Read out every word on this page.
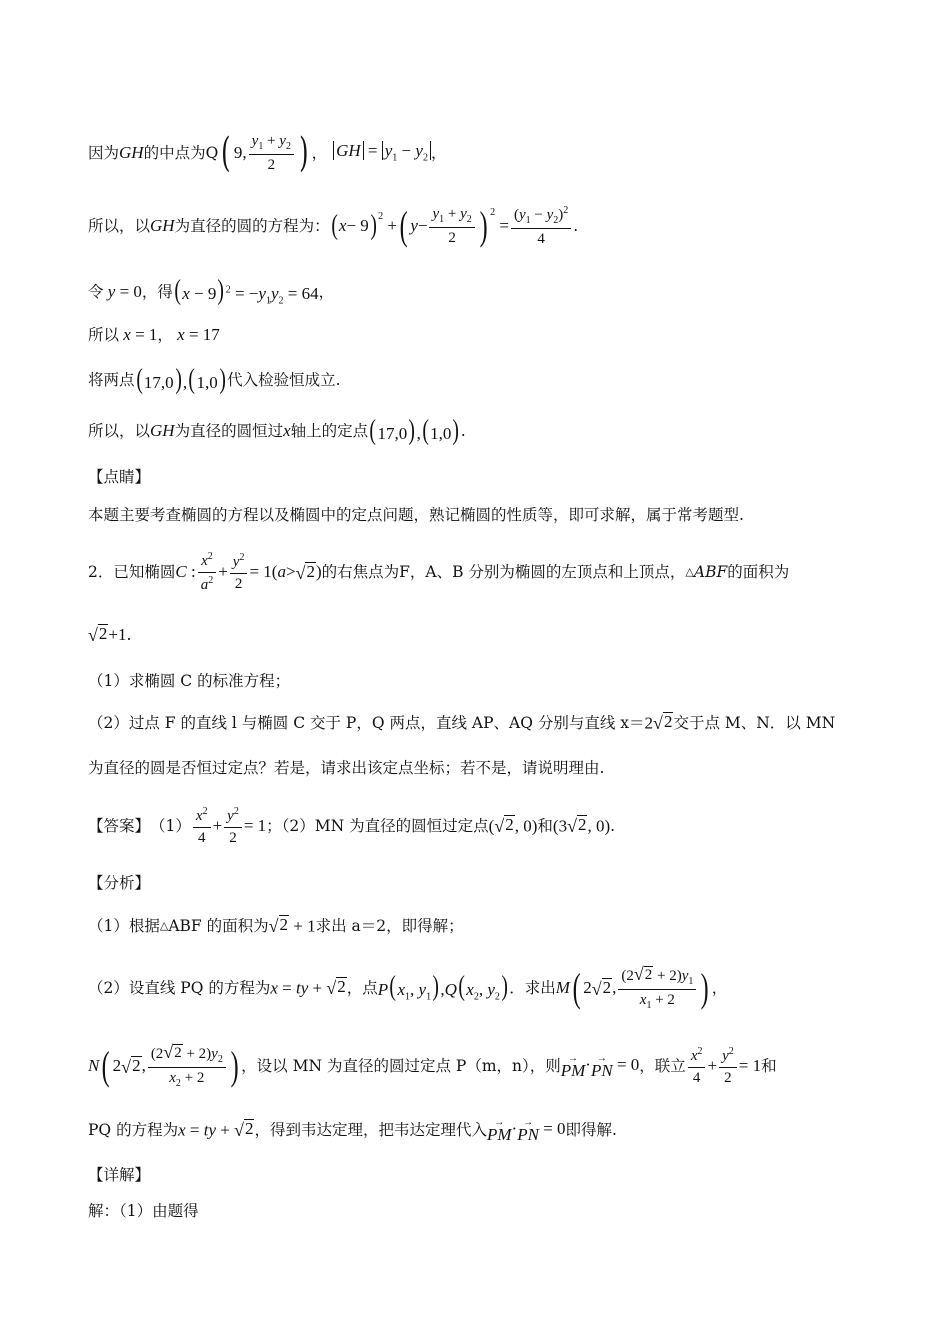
因为 GH 的中点为Q ( 9, $\frac{y_1 + y_2}{2}$ ) ， GH = $y_1 - y_2$ ，
所以，以 GH 为直径的圆的方程为： ( x − 9 )$^2$ + ( $y - \frac{y_1 + y_2}{2}$ ) $^2$
= $\frac{(y_1 - y_2)^2}{4}$ .
令 y = 0 ，得 $(x - 9)^2 = -y_1y_2 = 64$ ，
所以 x = 1 ， x = 17
将两点 (17,0),(1,0) 代入检验恒成立.
所以，以 GH 为直径的圆恒过 x 轴上的定点 (17,0),(1,0) .
【点睛】
本题主要考查椭圆的方程以及椭圆中的定点问题，熟记椭圆的性质等，即可求解，属于常考题型.
2．已知椭圆 C : $\frac{x^2}{a^2} + \frac{y^2}{2} = 1$( a > √ 2 ) 的右焦点为F，A、B 分别为椭圆的左顶点和上顶点， △ ABF 的面积为
√ 2 +1 .
（1）求椭圆 C 的标准方程；
（2）过点 F 的直线 l 与椭圆 C 交于 P，Q 两点，直线 AP、AQ 分别与直线 x＝ 2 √ 2 交于点 M、N．以 MN
为直径的圆是否恒过定点？若是，请求出该定点坐标；若不是，请说明理由.
【答案】 $(1) \frac{x^2}{4} + \frac{y^2}{2} = 1$ ；（2）MN 为直径的圆恒过定点 ( √ 2 , 0) 和 (3 √ 2 , 0) .
【分析】
（1）根据 △ ABF 的面积为 √ 2 + 1 求出 a＝2，即得解；
（2）设直线 PQ 的方程为 x = ty + √ 2 ，点 $P(x_1$, $y_1),Q(x_2$, $y_2$) ．求出 M ( 2 √ 2 , $\frac{(2 √ 2 + 2)y_1}{x_1 + 2}$ ) ，
N ( 2 √ 2 , $\frac{(2 √ 2 + 2)y_2}{x_2 + 2}$ ) ，设以 MN 为直径的圆过定点 P（m，n），则 →
PM · →
PN = 0 ，联立 $\frac{x^2}{4} + \frac{y^2}{2} = 1$ 和
PQ 的方程为 x = ty + √ 2 ，得到韦达定理，把韦达定理代入 →
PM · →
PN = 0 即得解.
【详解】
解：（1）由题得
